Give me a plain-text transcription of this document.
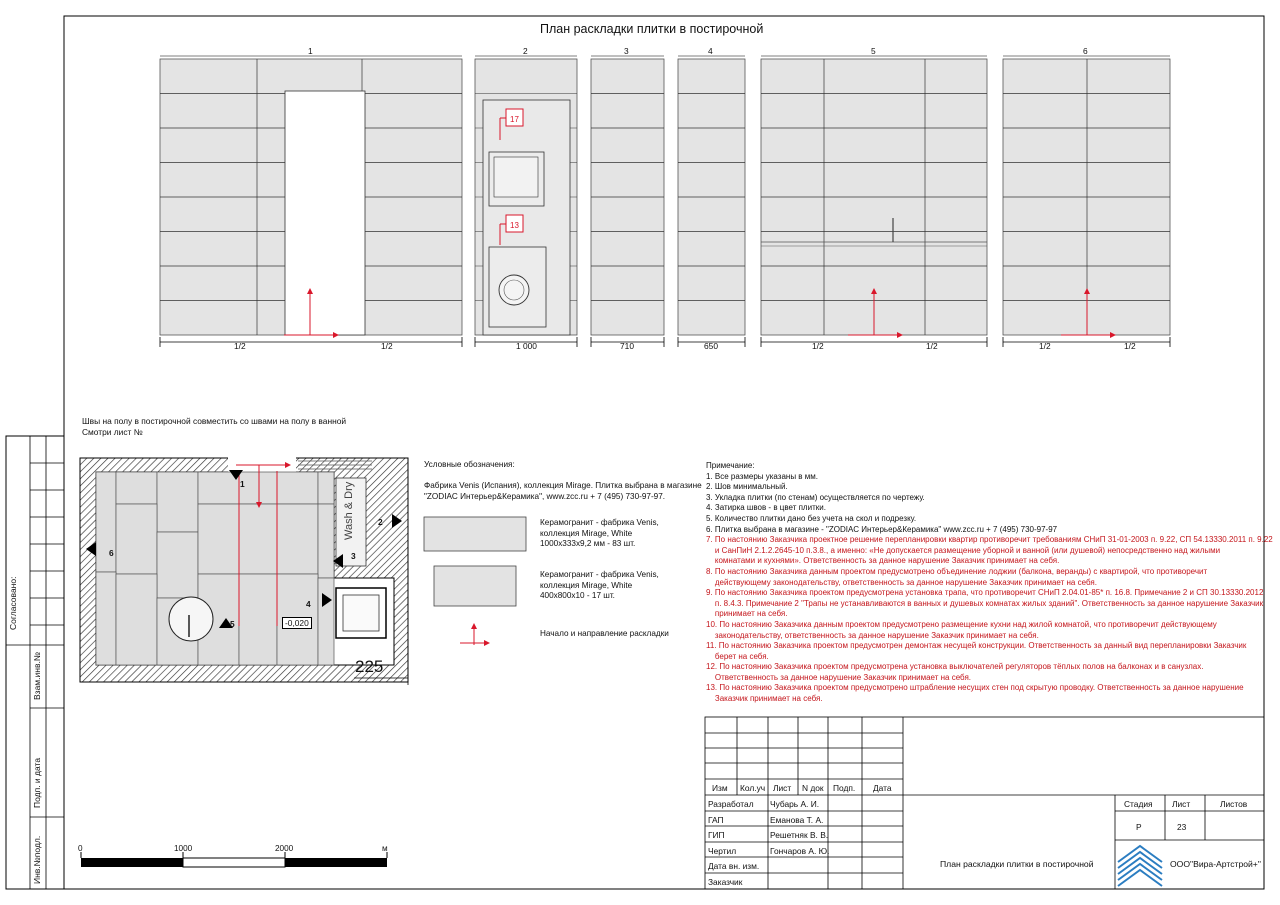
План раскладки плитки в постирочной
1
1/2	1/2
2
1 000
3
710
4
650
5
1/2	1/2
6
1/2	1/2
17
13
Швы на полу в постирочной совместить со швами на полу в ванной
Смотри лист №
1
2
3
4
5
6
-0,020
225
Wash & Dry
0	1000	2000	м
Условные обозначения:
Фабрика Venis (Испания), коллекция Mirage. Плитка выбрана в магазине
"ZODIAC Интерьер&Керамика", www.zcc.ru + 7 (495) 730-97-97.
Керамогранит - фабрика Venis,
коллекция Mirage, White
1000x333x9,2 мм - 83 шт.
Керамогранит - фабрика Venis,
коллекция Mirage, White
400x800x10 - 17 шт.
Начало и направление раскладки
Примечание:
1. Все размеры указаны в мм.
2. Шов минимальный.
3. Укладка плитки (по стенам) осуществляется по чертежу.
4. Затирка швов - в цвет плитки.
5. Количество плитки дано без учета на скол и подрезку.
6. Плитка выбрана в магазине - "ZODIAC Интерьер&Керамика" www.zcc.ru + 7 (495) 730-97-97
7. По настоянию Заказчика проектное решение перепланировки квартир противоречит требованиям СНиП 31-01-2003 п. 9.22, СП 54.13330.2011 п. 9.22
и СанПиН 2.1.2.2645-10 п.3.8., а именно: «Не допускается размещение уборной и ванной (или душевой) непосредственно над жилыми
комнатами и кухнями». Ответственность за данное нарушение Заказчик принимает на себя.
8. По настоянию Заказчика данным проектом предусмотрено объединение лоджии (балкона, веранды) с квартирой, что противоречит
действующему законодательству, ответственность за данное нарушение Заказчик принимает на себя.
9. По настоянию Заказчика проектом предусмотрена установка трапа, что противоречит СНиП 2.04.01-85* п. 16.8. Примечание 2 и СП 30.13330.2012
п. 8.4.3. Примечание 2 "Трапы не устанавливаются в ванных и душевых комнатах жилых зданий". Ответственность за данное нарушение Заказчик
принимает на себя.
10. По настоянию Заказчика данным проектом предусмотрено размещение кухни над жилой комнатой, что противоречит действующему
законодательству, ответственность за данное нарушение Заказчик принимает на себя.
11. По настоянию Заказчика проектом предусмотрен демонтаж несущей конструкции. Ответственность за данный вид перепланировки Заказчик
берет на себя.
12. По настоянию Заказчика проектом предусмотрена установка выключателей регуляторов тёплых полов на балконах и в санузлах.
Ответственность за данное нарушение Заказчик принимает на себя.
13. По настоянию Заказчика проектом предусмотрено штрабление несущих стен под скрытую проводку. Ответственность за данное нарушение
Заказчик принимает на себя.
Изм Кол.уч Лист N док Подп. Дата
Разработал Чубарь А. И.
ГАП	Еманова Т. А.
ГИП	Решетняк В. В.
Чертил	Гончаров А. Ю.
Дата вн. изм.
Заказчик
Стадия Лист	Листов
Р	23
План раскладки плитки в постирочной	ООО"Вира-Артстрой+"
Согласовано:
Взам.инв.№
Подп. и дата
Инв.№подл.
